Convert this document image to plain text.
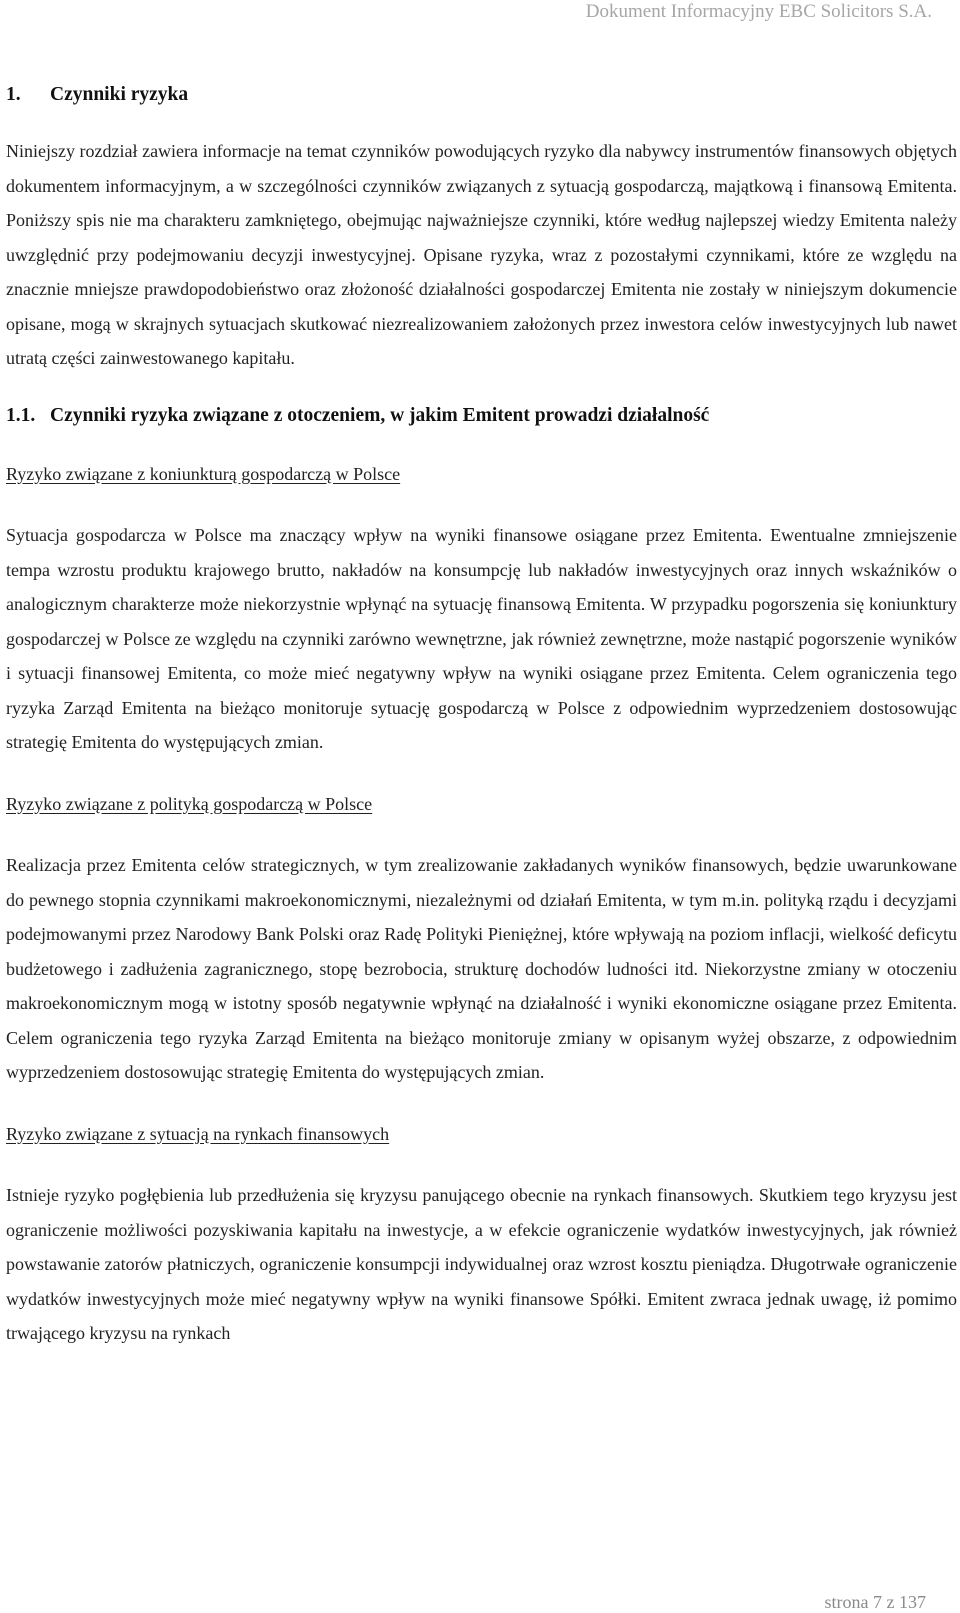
Dokument Informacyjny EBC Solicitors S.A.
1. Czynniki ryzyka

Niniejszy rozdział zawiera informacje na temat czynników powodujących ryzyko dla nabywcy instrumentów finansowych objętych dokumentem informacyjnym, a w szczególności czynników związanych z sytuacją gospodarczą, majątkową i finansową Emitenta. Poniższy spis nie ma charakteru zamkniętego, obejmując najważniejsze czynniki, które według najlepszej wiedzy Emitenta należy uwzględnić przy podejmowaniu decyzji inwestycyjnej. Opisane ryzyka, wraz z pozostałymi czynnikami, które ze względu na znacznie mniejsze prawdopodobieństwo oraz złożoność działalności gospodarczej Emitenta nie zostały w niniejszym dokumencie opisane, mogą w skrajnych sytuacjach skutkować niezrealizowaniem założonych przez inwestora celów inwestycyjnych lub nawet utratą części zainwestowanego kapitału.

1.1. Czynniki ryzyka związane z otoczeniem, w jakim Emitent prowadzi działalność
Ryzyko związane z koniunkturą gospodarczą w Polsce

Sytuacja gospodarcza w Polsce ma znaczący wpływ na wyniki finansowe osiągane przez Emitenta. Ewentualne zmniejszenie tempa wzrostu produktu krajowego brutto, nakładów na konsumpcję lub nakładów inwestycyjnych oraz innych wskaźników o analogicznym charakterze może niekorzystnie wpłynąć na sytuację finansową Emitenta. W przypadku pogorszenia się koniunktury gospodarczej w Polsce ze względu na czynniki zarówno wewnętrzne, jak również zewnętrzne, może nastąpić pogorszenie wyników i sytuacji finansowej Emitenta, co może mieć negatywny wpływ na wyniki osiągane przez Emitenta. Celem ograniczenia tego ryzyka Zarząd Emitenta na bieżąco monitoruje sytuację gospodarczą w Polsce z odpowiednim wyprzedzeniem dostosowując strategię Emitenta do występujących zmian.

Ryzyko związane z polityką gospodarczą w Polsce

Realizacja przez Emitenta celów strategicznych, w tym zrealizowanie zakładanych wyników finansowych, będzie uwarunkowane do pewnego stopnia czynnikami makroekonomicznymi, niezależnymi od działań Emitenta, w tym m.in. polityką rządu i decyzjami podejmowanymi przez Narodowy Bank Polski oraz Radę Polityki Pieniężnej, które wpływają na poziom inflacji, wielkość deficytu budżetowego i zadłużenia zagranicznego, stopę bezrobocia, strukturę dochodów ludności itd. Niekorzystne zmiany w otoczeniu makroekonomicznym mogą w istotny sposób negatywnie wpłynąć na działalność i wyniki ekonomiczne osiągane przez Emitenta. Celem ograniczenia tego ryzyka Zarząd Emitenta na bieżąco monitoruje zmiany w opisanym wyżej obszarze, z odpowiednim wyprzedzeniem dostosowując strategię Emitenta do występujących zmian.

Ryzyko związane z sytuacją na rynkach finansowych

Istnieje ryzyko pogłębienia lub przedłużenia się kryzysu panującego obecnie na rynkach finansowych. Skutkiem tego kryzysu jest ograniczenie możliwości pozyskiwania kapitału na inwestycje, a w efekcie ograniczenie wydatków inwestycyjnych, jak również powstawanie zatorów płatniczych, ograniczenie konsumpcji indywidualnej oraz wzrost kosztu pieniądza. Długotrwałe ograniczenie wydatków inwestycyjnych może mieć negatywny wpływ na wyniki finansowe Spółki. Emitent zwraca jednak uwagę, iż pomimo trwającego kryzysu na rynkach

strona 7 z 137
